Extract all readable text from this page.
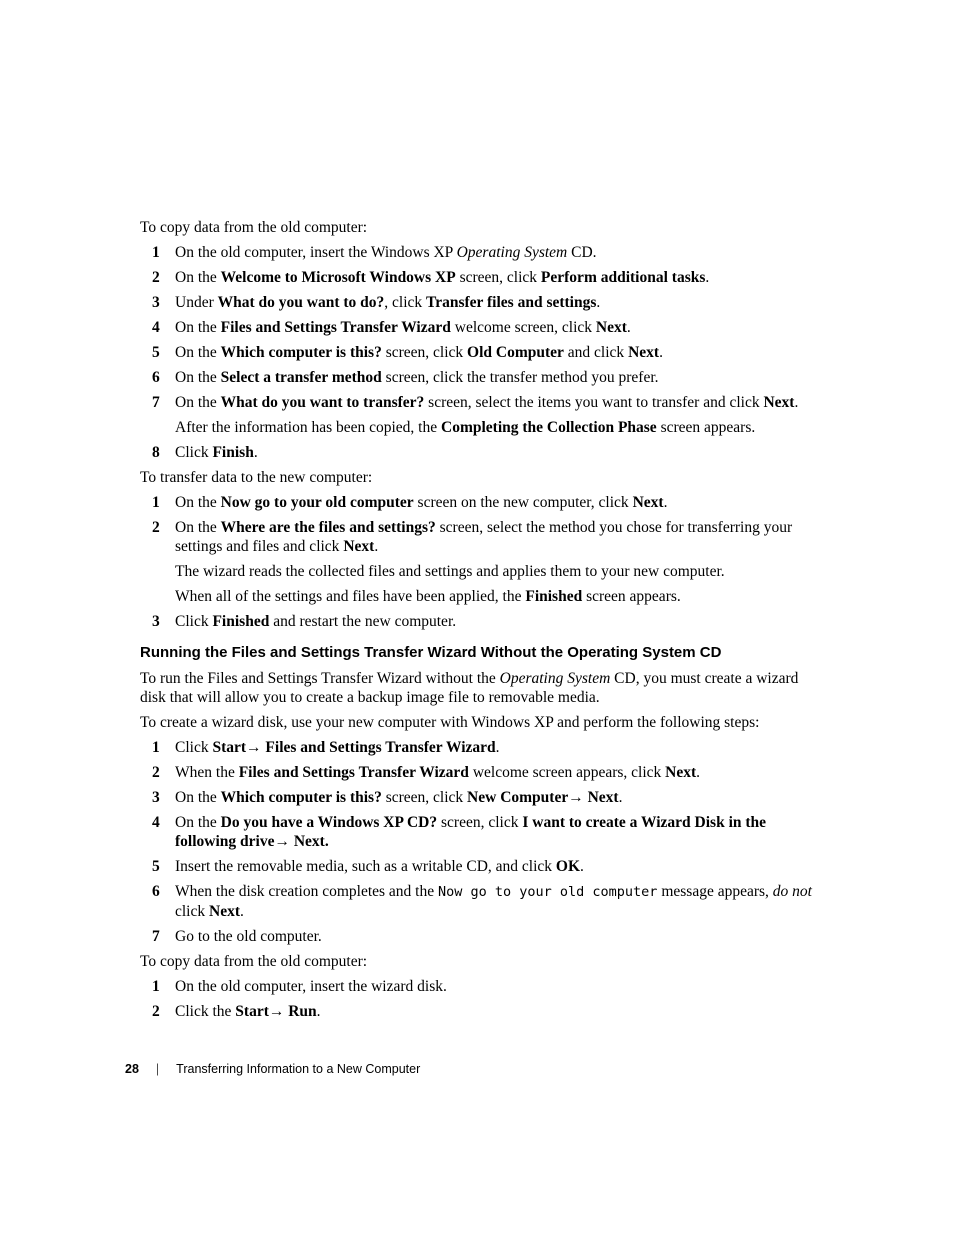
To copy data from the old computer:

1 On the old computer, insert the Windows XP Operating System CD.
2 On the Welcome to Microsoft Windows XP screen, click Perform additional tasks.
3 Under What do you want to do?, click Transfer files and settings.
4 On the Files and Settings Transfer Wizard welcome screen, click Next.
5 On the Which computer is this? screen, click Old Computer and click Next.
6 On the Select a transfer method screen, click the transfer method you prefer.
7 On the What do you want to transfer? screen, select the items you want to transfer and click Next.
After the information has been copied, the Completing the Collection Phase screen appears.
8 Click Finish.

To transfer data to the new computer:

1 On the Now go to your old computer screen on the new computer, click Next.
2 On the Where are the files and settings? screen, select the method you chose for transferring your settings and files and click Next.
The wizard reads the collected files and settings and applies them to your new computer.
When all of the settings and files have been applied, the Finished screen appears.
3 Click Finished and restart the new computer.
Running the Files and Settings Transfer Wizard Without the Operating System CD

To run the Files and Settings Transfer Wizard without the Operating System CD, you must create a wizard disk that will allow you to create a backup image file to removable media.

To create a wizard disk, use your new computer with Windows XP and perform the following steps:

1 Click Start→ Files and Settings Transfer Wizard.
2 When the Files and Settings Transfer Wizard welcome screen appears, click Next.
3 On the Which computer is this? screen, click New Computer→ Next.
4 On the Do you have a Windows XP CD? screen, click I want to create a Wizard Disk in the following drive→ Next.
5 Insert the removable media, such as a writable CD, and click OK.
6 When the disk creation completes and the Now go to your old computer message appears, do not click Next.
7 Go to the old computer.

To copy data from the old computer:

1 On the old computer, insert the wizard disk.
2 Click the Start→ Run.
28 | Transferring Information to a New Computer
